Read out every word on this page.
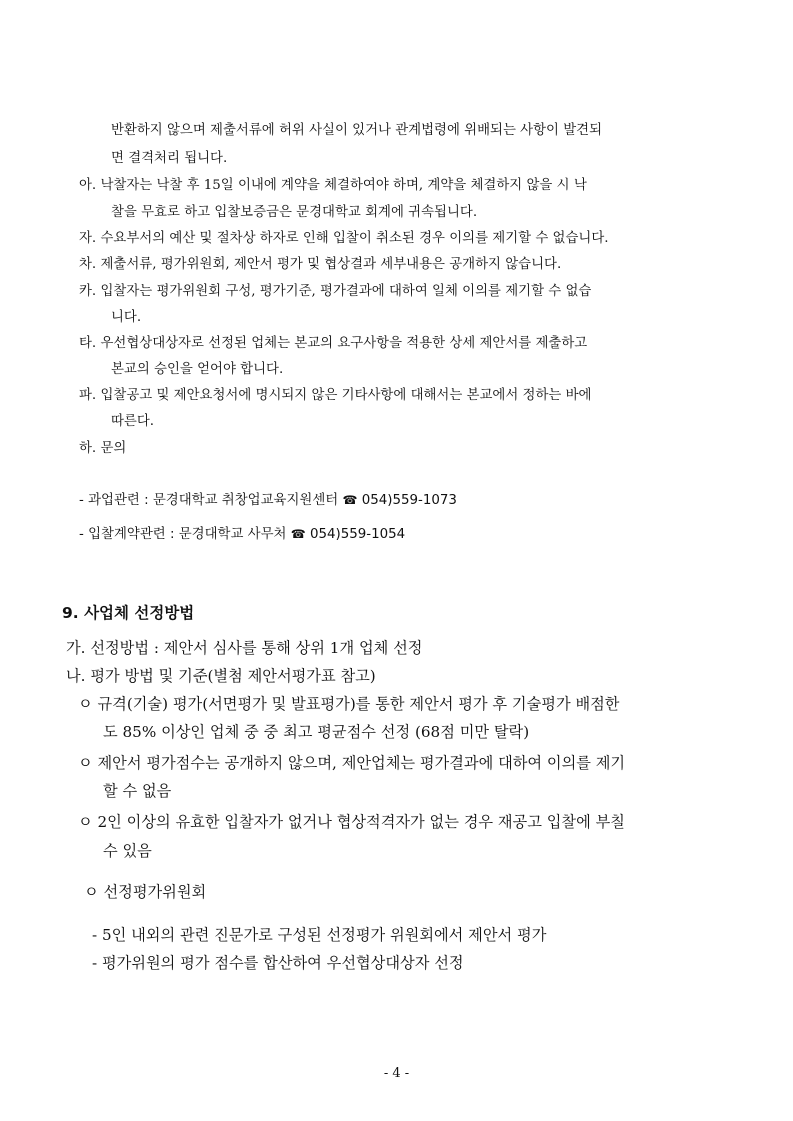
반환하지 않으며 제출서류에 허위 사실이 있거나 관계법령에 위배되는 사항이 발견되
면 결격처리 됩니다.
아. 낙찰자는 낙찰 후 15일 이내에 계약을 체결하여야 하며, 계약을 체결하지 않을 시 낙
찰을 무효로 하고 입찰보증금은 문경대학교 회계에 귀속됩니다.
자. 수요부서의 예산 및 절차상 하자로 인해 입찰이 취소된 경우 이의를 제기할 수 없습니다.
차. 제출서류, 평가위원회, 제안서 평가 및 협상결과 세부내용은 공개하지 않습니다.
카. 입찰자는 평가위원회 구성, 평가기준, 평가결과에 대하여 일체 이의를 제기할 수 없습
니다.
타. 우선협상대상자로 선정된 업체는 본교의 요구사항을 적용한 상세 제안서를 제출하고
본교의 승인을 얻어야 합니다.
파. 입찰공고 및 제안요청서에 명시되지 않은 기타사항에 대해서는 본교에서 정하는 바에
따른다.
하. 문의
- 과업관련 : 문경대학교 취창업교육지원센터 ☎ 054)559-1073
- 입찰계약관련 : 문경대학교 사무처 ☎ 054)559-1054
9. 사업체 선정방법
가. 선정방법 : 제안서 심사를 통해 상위 1개 업체 선정
나. 평가 방법 및 기준(별첨 제안서평가표 참고)
ㅇ 규격(기술) 평가(서면평가 및 발표평가)를 통한 제안서 평가 후 기술평가 배점한
도 85% 이상인 업체 중 중 최고 평균점수 선정 (68점 미만 탈락)
ㅇ 제안서 평가점수는 공개하지 않으며, 제안업체는 평가결과에 대하여 이의를 제기
할 수 없음
ㅇ 2인 이상의 유효한 입찰자가 없거나 협상적격자가 없는 경우 재공고 입찰에 부칠
수 있음
ㅇ 선정평가위원회
- 5인 내외의 관련 진문가로 구성된 선정평가 위원회에서 제안서 평가
- 평가위원의 평가 점수를 합산하여 우선협상대상자 선정
- 4 -
